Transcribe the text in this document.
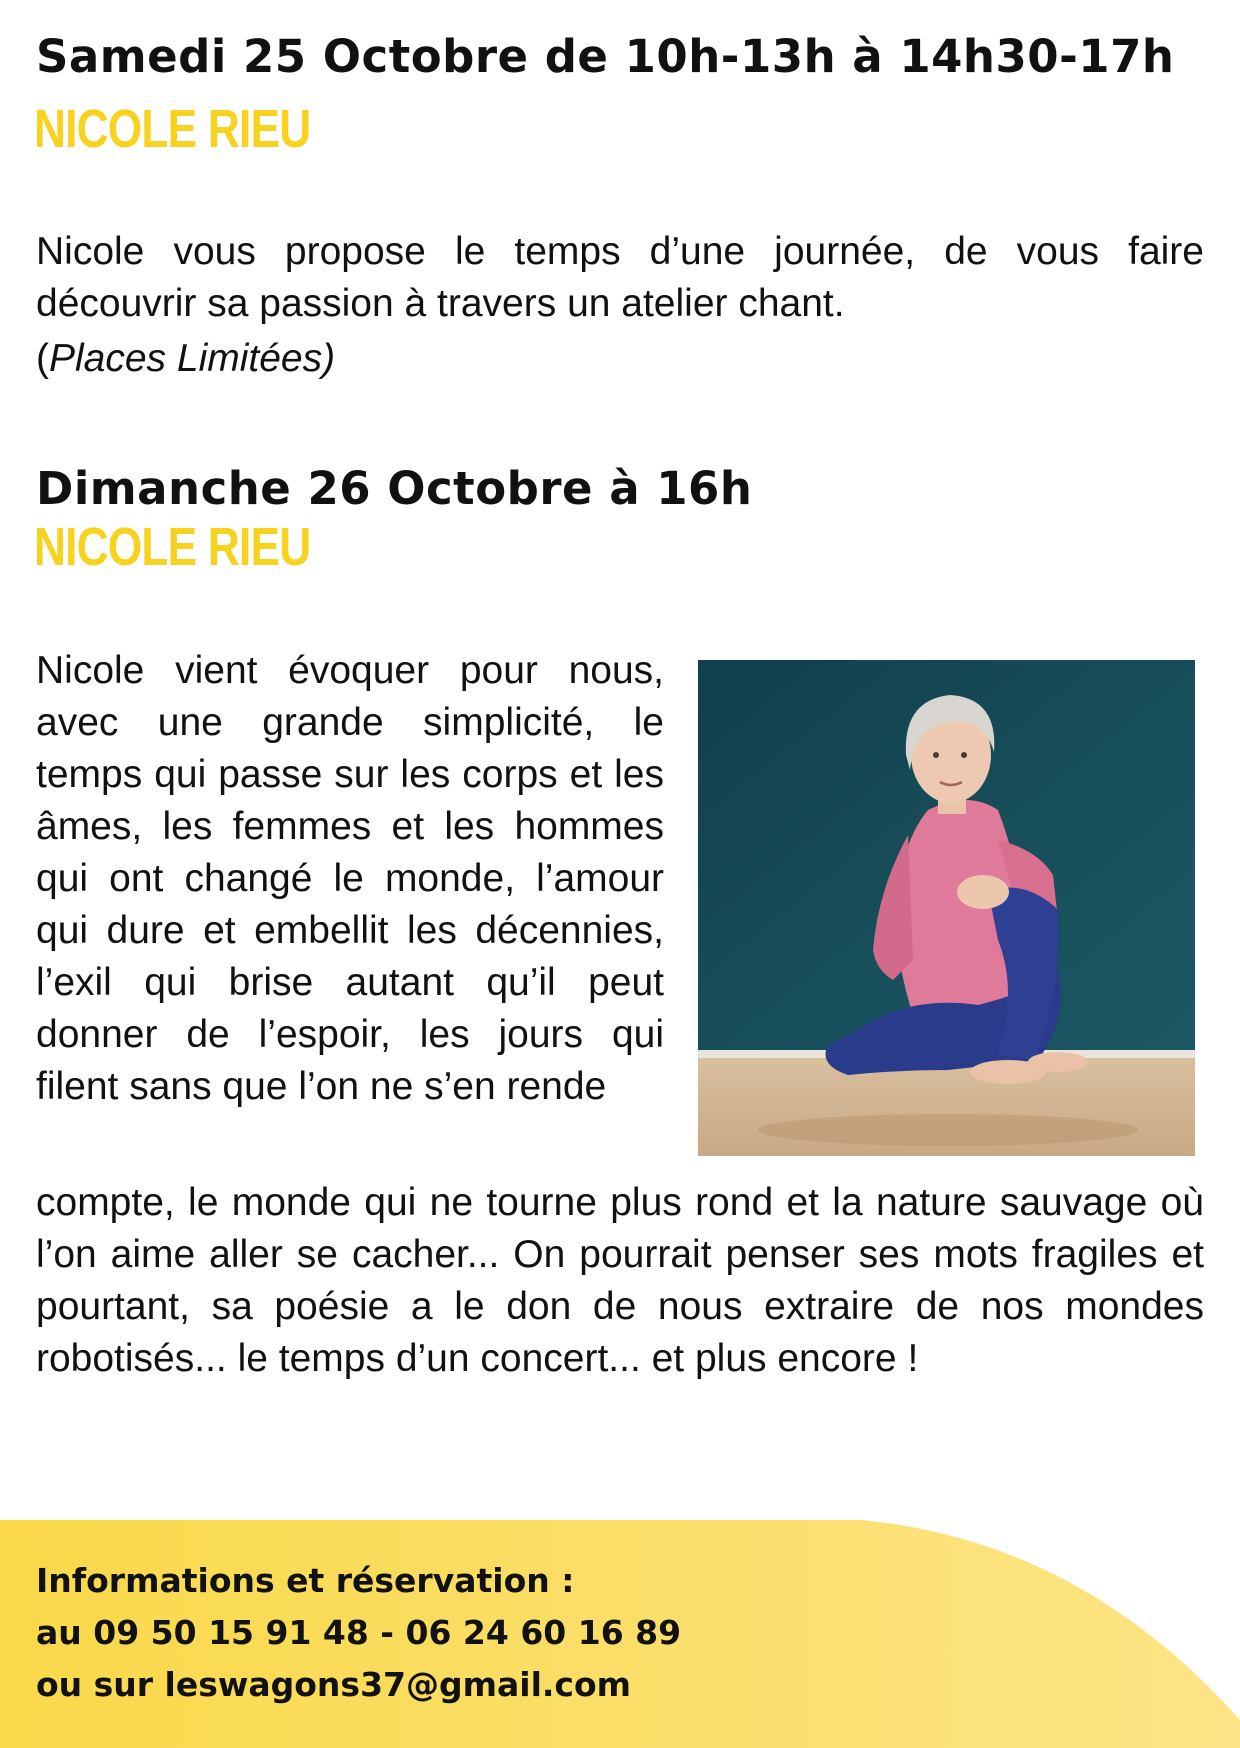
Samedi 25 Octobre de 10h-13h à 14h30-17h
NICOLE RIEU

Nicole vous propose le temps d’une journée, de vous faire découvrir sa passion à travers un atelier chant.

(Places Limitées)

Dimanche 26 Octobre à 16h
NICOLE RIEU

Nicole vient évoquer pour nous, avec une grande simplicité, le temps qui passe sur les corps et les âmes, les femmes et les hommes qui ont changé le monde, l’amour qui dure et embellit les décennies, l’exil qui brise autant qu’il peut donner de l’espoir, les jours qui filent sans que l’on ne s’en rende

compte, le monde qui ne tourne plus rond et la nature sauvage où l’on aime aller se cacher... On pourrait penser ses mots fragiles et pourtant, sa poésie a le don de nous extraire de nos mondes robotisés... le temps d’un concert... et plus encore !

Informations et réservation :
au 09 50 15 91 48 - 06 24 60 16 89
ou sur leswagons37@gmail.com
